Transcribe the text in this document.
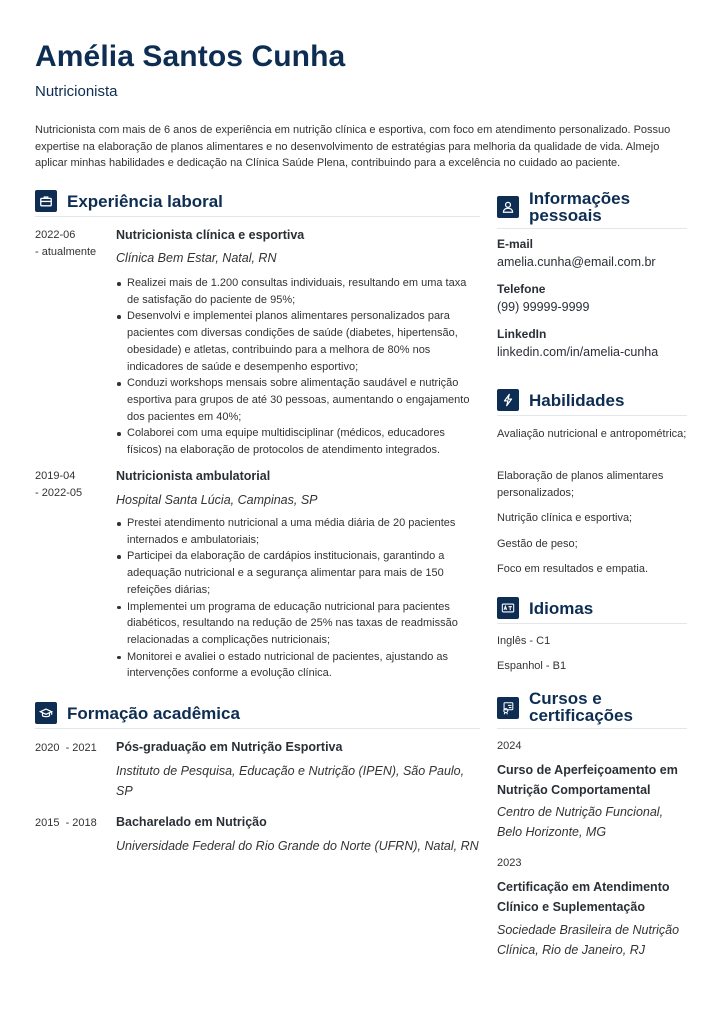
Amélia Santos Cunha
Nutricionista

Nutricionista com mais de 6 anos de experiência em nutrição clínica e esportiva, com foco em atendimento personalizado. Possuo expertise na elaboração de planos alimentares e no desenvolvimento de estratégias para melhoria da qualidade de vida. Almejo aplicar minhas habilidades e dedicação na Clínica Saúde Plena, contribuindo para a excelência no cuidado ao paciente.

Experiência laboral
2022-06
- atualmente
Nutricionista clínica e esportiva
Clínica Bem Estar, Natal, RN
Realizei mais de 1.200 consultas individuais, resultando em uma taxa de satisfação do paciente de 95%;
Desenvolvi e implementei planos alimentares personalizados para pacientes com diversas condições de saúde (diabetes, hipertensão, obesidade) e atletas, contribuindo para a melhora de 80% nos indicadores de saúde e desempenho esportivo;
Conduzi workshops mensais sobre alimentação saudável e nutrição esportiva para grupos de até 30 pessoas, aumentando o engajamento dos pacientes em 40%;
Colaborei com uma equipe multidisciplinar (médicos, educadores físicos) na elaboração de protocolos de atendimento integrados.
2019-04
- 2022-05
Nutricionista ambulatorial
Hospital Santa Lúcia, Campinas, SP
Prestei atendimento nutricional a uma média diária de 20 pacientes internados e ambulatoriais;
Participei da elaboração de cardápios institucionais, garantindo a adequação nutricional e a segurança alimentar para mais de 150 refeições diárias;
Implementei um programa de educação nutricional para pacientes diabéticos, resultando na redução de 25% nas taxas de readmissão relacionadas a complicações nutricionais;
Monitorei e avaliei o estado nutricional de pacientes, ajustando as intervenções conforme a evolução clínica.
Formação acadêmica
2020  - 2021 Pós-graduação em Nutrição Esportiva
Instituto de Pesquisa, Educação e Nutrição (IPEN), São Paulo, SP
2015  - 2018 Bacharelado em Nutrição
Universidade Federal do Rio Grande do Norte (UFRN), Natal, RN
Informações
pessoais
E-mail
amelia.cunha@email.com.br
Telefone
(99) 99999-9999
LinkedIn
linkedin.com/in/amelia-cunha
Habilidades
Avaliação nutricional e antropométrica;
Elaboração de planos alimentares personalizados;
Nutrição clínica e esportiva;
Gestão de peso;
Foco em resultados e empatia.
Idiomas
Inglês - C1
Espanhol - B1
Cursos e
certificações
2024
Curso de Aperfeiçoamento em Nutrição Comportamental
Centro de Nutrição Funcional, Belo Horizonte, MG
2023
Certificação em Atendimento Clínico e Suplementação
Sociedade Brasileira de Nutrição Clínica, Rio de Janeiro, RJ
